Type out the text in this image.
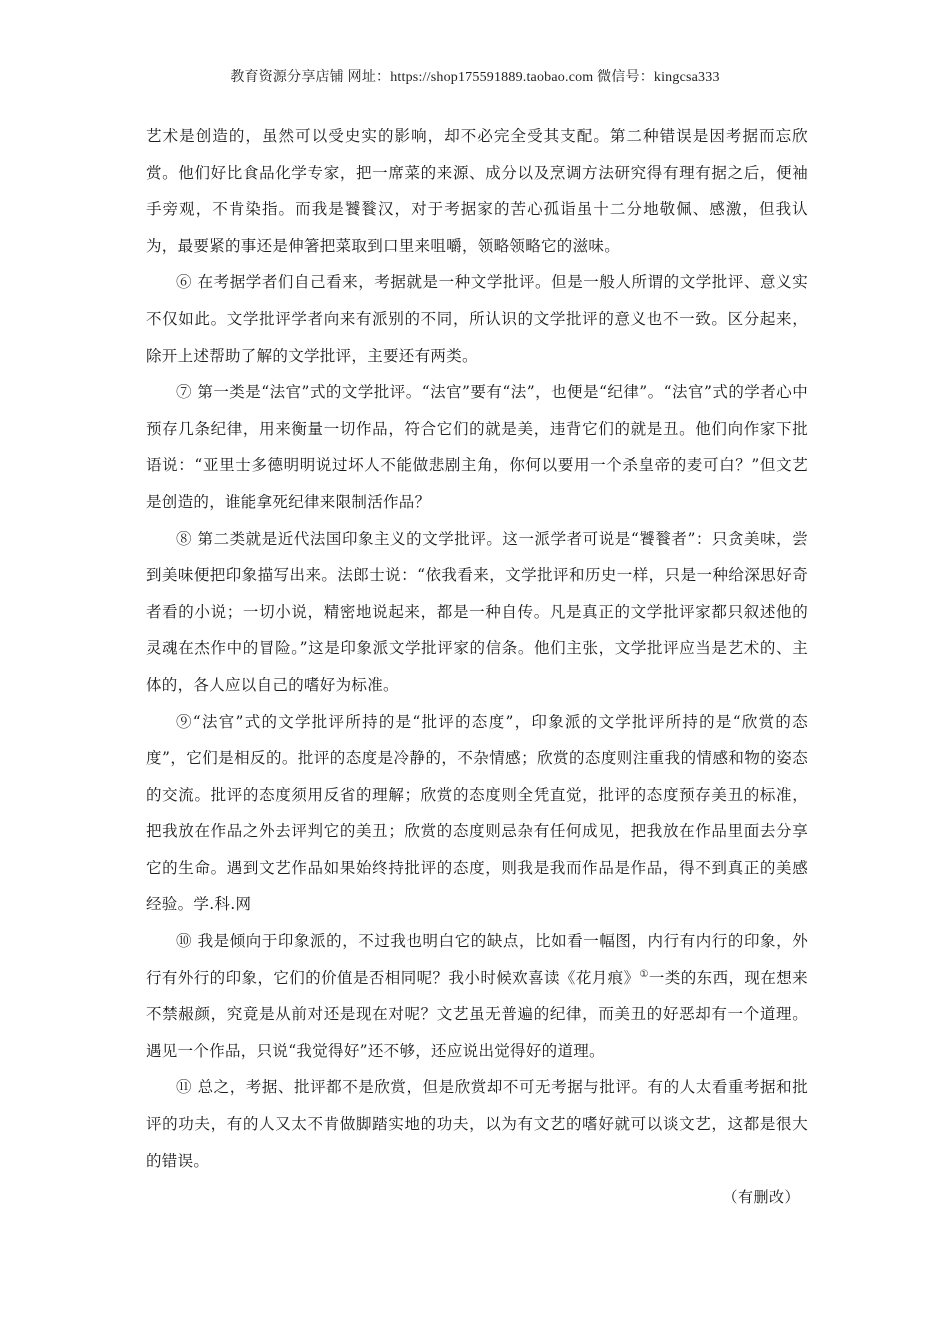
教育资源分享店铺 网址：https://shop175591889.taobao.com 微信号：kingcsa333

艺术是创造的，虽然可以受史实的影响，却不必完全受其支配。第二种错误是因考据而忘欣赏。他们好比食品化学专家，把一席菜的来源、成分以及烹调方法研究得有理有据之后，便袖手旁观，不肯染指。而我是饕餮汉，对于考据家的苦心孤诣虽十二分地敬佩、感激，但我认为，最要紧的事还是伸箸把菜取到口里来咀嚼，领略领略它的滋味。

⑥ 在考据学者们自己看来，考据就是一种文学批评。但是一般人所谓的文学批评、意义实不仅如此。文学批评学者向来有派别的不同，所认识的文学批评的意义也不一致。区分起来，除开上述帮助了解的文学批评，主要还有两类。

⑦ 第一类是“法官”式的文学批评。“法官”要有“法”，也便是“纪律”。“法官”式的学者心中预存几条纪律，用来衡量一切作品，符合它们的就是美，违背它们的就是丑。他们向作家下批语说：“亚里士多德明明说过坏人不能做悲剧主角，你何以要用一个杀皇帝的麦可白？”但文艺是创造的，谁能拿死纪律来限制活作品？

⑧ 第二类就是近代法国印象主义的文学批评。这一派学者可说是“饕餮者”：只贪美味，尝到美味便把印象描写出来。法郎士说：“依我看来，文学批评和历史一样，只是一种给深思好奇者看的小说；一切小说，精密地说起来，都是一种自传。凡是真正的文学批评家都只叙述他的灵魂在杰作中的冒险。”这是印象派文学批评家的信条。他们主张，文学批评应当是艺术的、主体的，各人应以自己的嗜好为标准。

⑨“法官”式的文学批评所持的是“批评的态度”，印象派的文学批评所持的是“欣赏的态度”，它们是相反的。批评的态度是冷静的，不杂情感；欣赏的态度则注重我的情感和物的姿态的交流。批评的态度须用反省的理解；欣赏的态度则全凭直觉，批评的态度预存美丑的标准，把我放在作品之外去评判它的美丑；欣赏的态度则忌杂有任何成见，把我放在作品里面去分享它的生命。遇到文艺作品如果始终持批评的态度，则我是我而作品是作品，得不到真正的美感经验。学.科.网

⑩ 我是倾向于印象派的，不过我也明白它的缺点，比如看一幅图，内行有内行的印象，外行有外行的印象，它们的价值是否相同呢？我小时候欢喜读《花月痕》①一类的东西，现在想来不禁赧颜，究竟是从前对还是现在对呢？文艺虽无普遍的纪律，而美丑的好恶却有一个道理。遇见一个作品，只说“我觉得好”还不够，还应说出觉得好的道理。

⑪ 总之，考据、批评都不是欣赏，但是欣赏却不可无考据与批评。有的人太看重考据和批评的功夫，有的人又太不肯做脚踏实地的功夫，以为有文艺的嗜好就可以谈文艺，这都是很大的错误。

（有删改）
